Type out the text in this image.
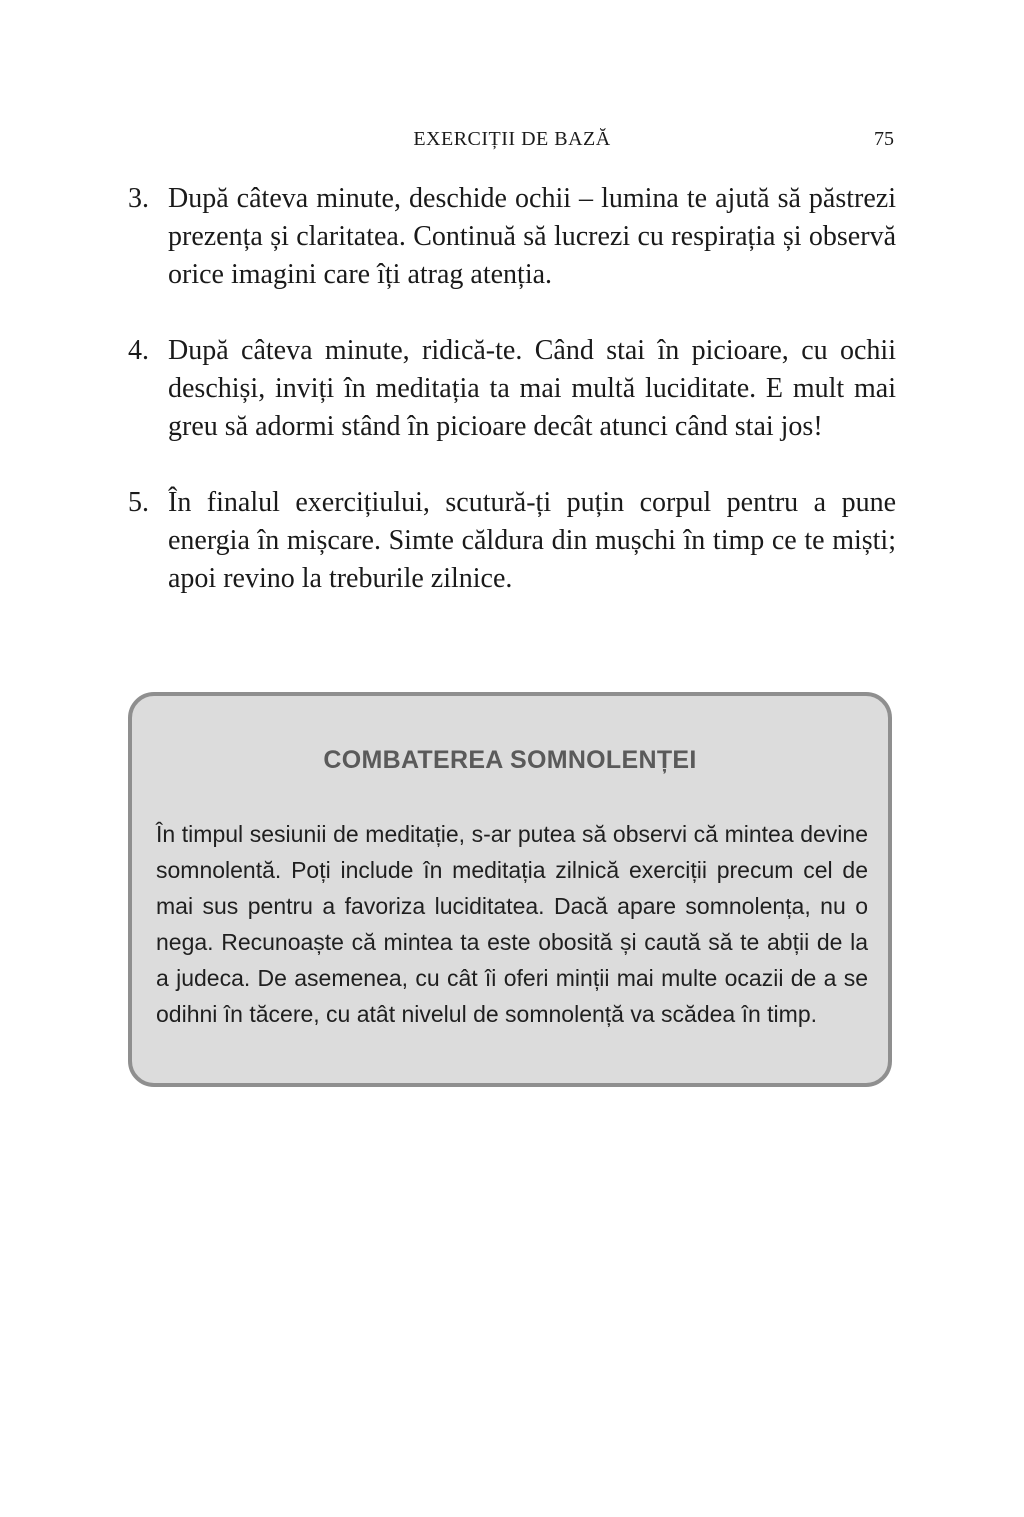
EXERCIȚII DE BAZĂ	75
3. După câteva minute, deschide ochii – lumina te ajută să păstrezi prezența și claritatea. Continuă să lucrezi cu respirația și observă orice imagini care îți atrag atenția.
4. După câteva minute, ridică-te. Când stai în picioare, cu ochii deschiși, inviți în meditația ta mai multă luciditate. E mult mai greu să adormi stând în picioare decât atunci când stai jos!
5. În finalul exercițiului, scutură-ți puțin corpul pentru a pune energia în mișcare. Simte căldura din mușchi în timp ce te miști; apoi revino la treburile zilnice.
COMBATEREA SOMNOLENȚEI

În timpul sesiunii de meditație, s-ar putea să observi că mintea devine somnolentă. Poți include în meditația zilnică exerciții precum cel de mai sus pentru a favoriza luciditatea. Dacă apare somnolența, nu o nega. Recunoaște că mintea ta este obosită și caută să te abții de la a judeca. De asemenea, cu cât îi oferi minții mai multe ocazii de a se odihni în tăcere, cu atât nivelul de somnolență va scădea în timp.
